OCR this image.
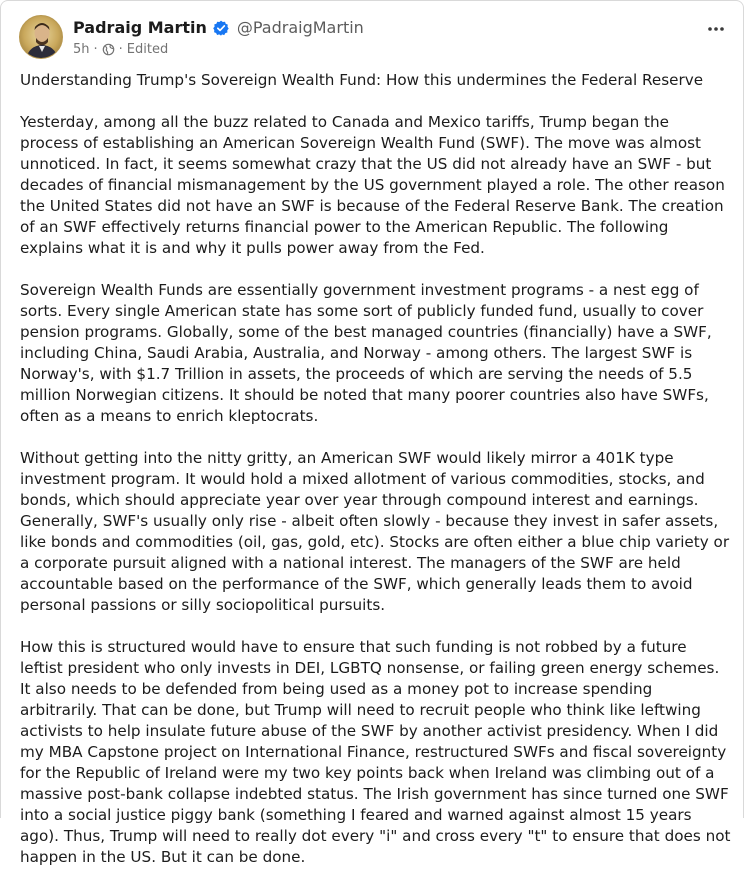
Padraig Martin @PadraigMartin
5h · · Edited

Understanding Trump's Sovereign Wealth Fund: How this undermines the Federal Reserve

Yesterday, among all the buzz related to Canada and Mexico tariffs, Trump began the process of establishing an American Sovereign Wealth Fund (SWF). The move was almost unnoticed. In fact, it seems somewhat crazy that the US did not already have an SWF - but decades of financial mismanagement by the US government played a role. The other reason the United States did not have an SWF is because of the Federal Reserve Bank. The creation of an SWF effectively returns financial power to the American Republic. The following explains what it is and why it pulls power away from the Fed.

Sovereign Wealth Funds are essentially government investment programs - a nest egg of sorts. Every single American state has some sort of publicly funded fund, usually to cover pension programs. Globally, some of the best managed countries (financially) have a SWF, including China, Saudi Arabia, Australia, and Norway - among others. The largest SWF is Norway's, with $1.7 Trillion in assets, the proceeds of which are serving the needs of 5.5 million Norwegian citizens. It should be noted that many poorer countries also have SWFs, often as a means to enrich kleptocrats.

Without getting into the nitty gritty, an American SWF would likely mirror a 401K type investment program. It would hold a mixed allotment of various commodities, stocks, and bonds, which should appreciate year over year through compound interest and earnings. Generally, SWF's usually only rise - albeit often slowly - because they invest in safer assets, like bonds and commodities (oil, gas, gold, etc). Stocks are often either a blue chip variety or a corporate pursuit aligned with a national interest. The managers of the SWF are held accountable based on the performance of the SWF, which generally leads them to avoid personal passions or silly sociopolitical pursuits.

How this is structured would have to ensure that such funding is not robbed by a future leftist president who only invests in DEI, LGBTQ nonsense, or failing green energy schemes. It also needs to be defended from being used as a money pot to increase spending arbitrarily. That can be done, but Trump will need to recruit people who think like leftwing activists to help insulate future abuse of the SWF by another activist presidency. When I did my MBA Capstone project on International Finance, restructured SWFs and fiscal sovereignty for the Republic of Ireland were my two key points back when Ireland was climbing out of a massive post-bank collapse indebted status. The Irish government has since turned one SWF into a social justice piggy bank (something I feared and warned against almost 15 years ago). Thus, Trump will need to really dot every "i" and cross every "t" to ensure that does not happen in the US. But it can be done.
